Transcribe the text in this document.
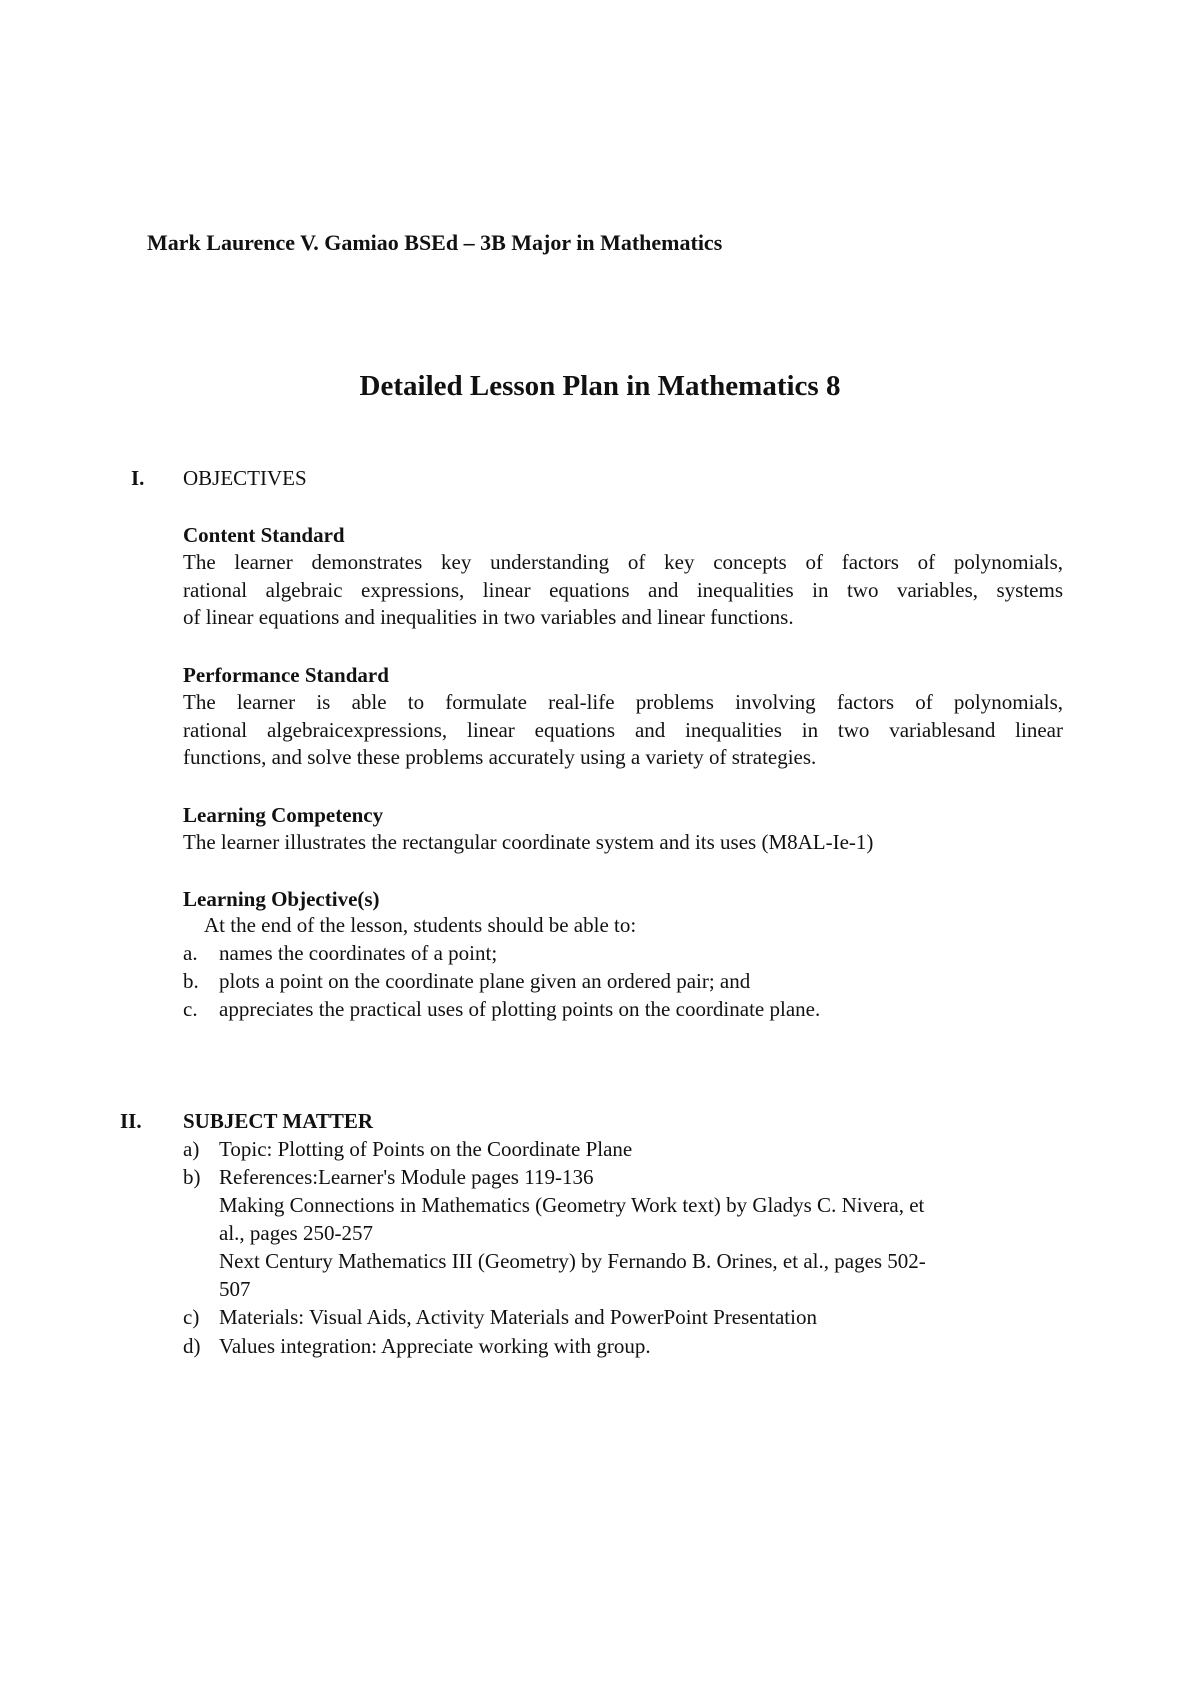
Mark Laurence V. Gamiao BSEd – 3B Major in Mathematics
Detailed Lesson Plan in Mathematics 8
I. OBJECTIVES
Content Standard
The learner demonstrates key understanding of key concepts of factors of polynomials,
rational algebraic expressions, linear equations and inequalities in two variables, systems
of linear equations and inequalities in two variables and linear functions.
Performance Standard
The learner is able to formulate real-life problems involving factors of polynomials,
rational algebraicexpressions, linear equations and inequalities in two variablesand linear
functions, and solve these problems accurately using a variety of strategies.
Learning Competency
The learner illustrates the rectangular coordinate system and its uses (M8AL-Ie-1)
Learning Objective(s)
At the end of the lesson, students should be able to:
a. names the coordinates of a point;
b. plots a point on the coordinate plane given an ordered pair; and
c. appreciates the practical uses of plotting points on the coordinate plane.
II. SUBJECT MATTER
a) Topic: Plotting of Points on the Coordinate Plane
b) References:Learner's Module pages 119-136
Making Connections in Mathematics (Geometry Work text) by Gladys C. Nivera, et
al., pages 250-257
Next Century Mathematics III (Geometry) by Fernando B. Orines, et al., pages 502-
507
c) Materials: Visual Aids, Activity Materials and PowerPoint Presentation
d) Values integration: Appreciate working with group.
